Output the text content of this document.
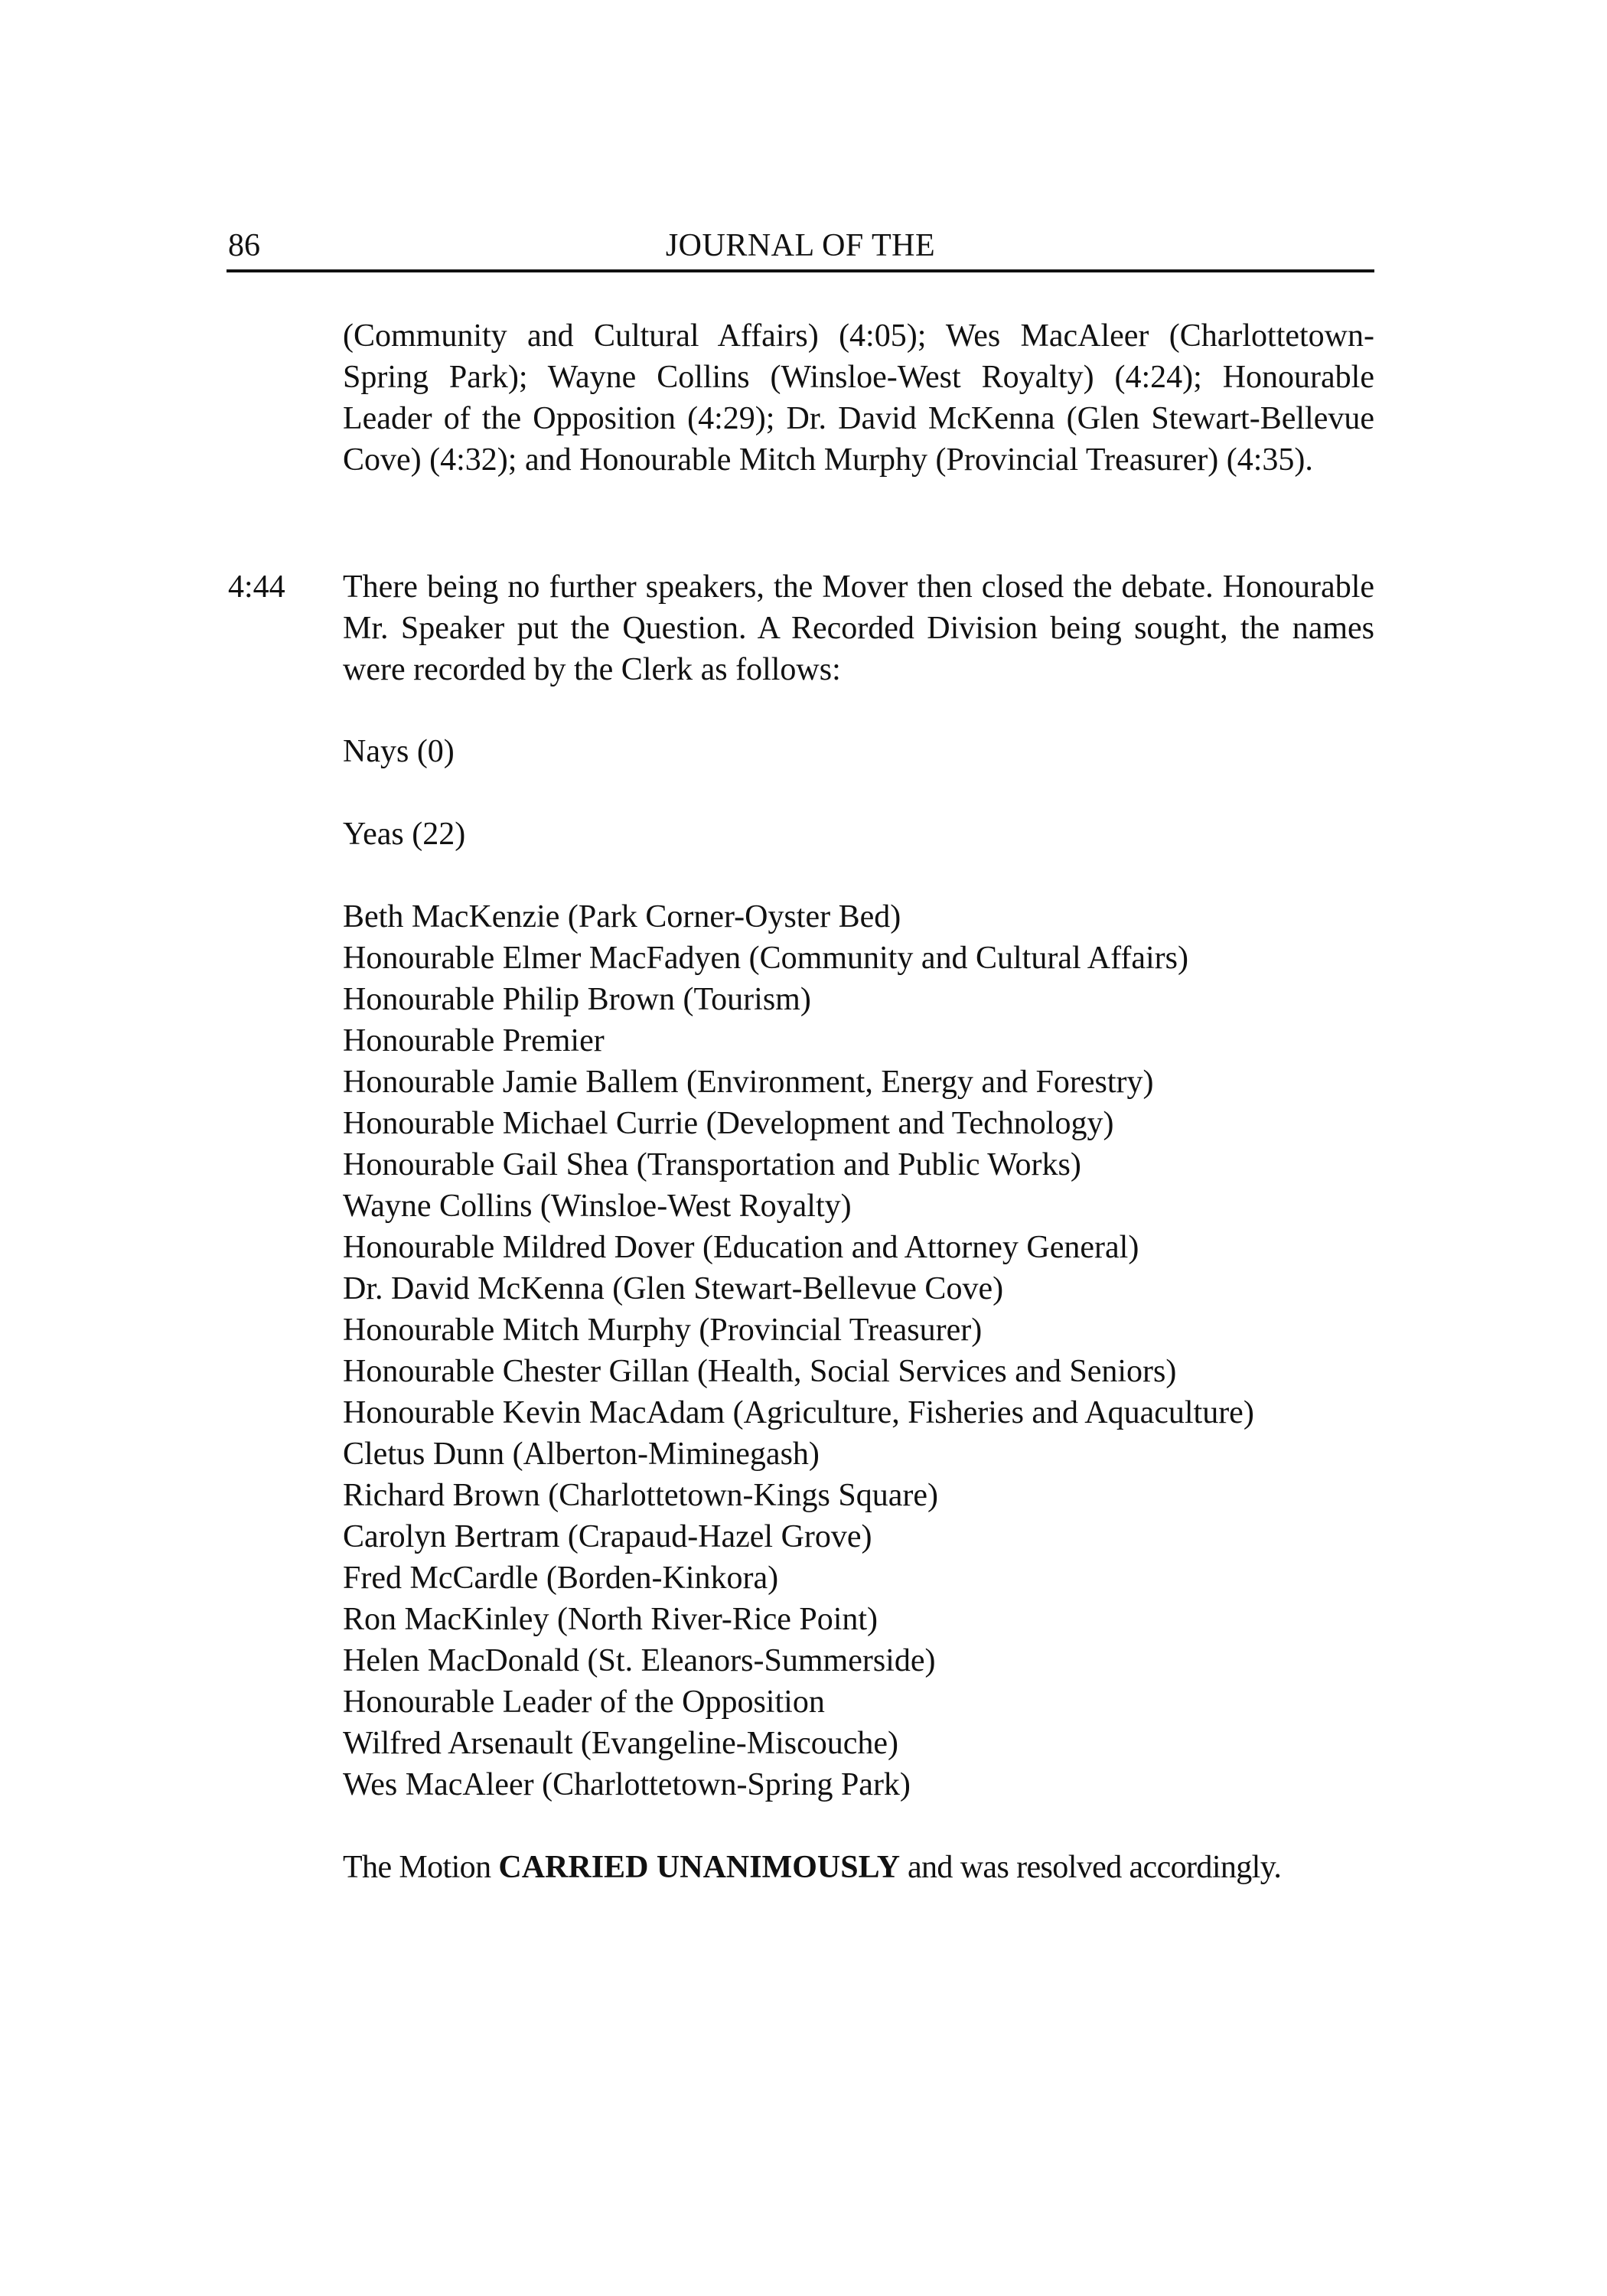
86	JOURNAL OF THE

(Community and Cultural Affairs) (4:05); Wes MacAleer (Charlottetown-Spring Park); Wayne Collins (Winsloe-West Royalty) (4:24); Honourable Leader of the Opposition (4:29); Dr. David McKenna (Glen Stewart-Bellevue Cove) (4:32); and Honourable Mitch Murphy (Provincial Treasurer) (4:35).

4:44 There being no further speakers, the Mover then closed the debate. Honourable Mr. Speaker put the Question. A Recorded Division being sought, the names were recorded by the Clerk as follows:

Nays (0)

Yeas (22)

Beth MacKenzie (Park Corner-Oyster Bed)
Honourable Elmer MacFadyen (Community and Cultural Affairs)
Honourable Philip Brown (Tourism)
Honourable Premier
Honourable Jamie Ballem (Environment, Energy and Forestry)
Honourable Michael Currie (Development and Technology)
Honourable Gail Shea (Transportation and Public Works)
Wayne Collins (Winsloe-West Royalty)
Honourable Mildred Dover (Education and Attorney General)
Dr. David McKenna (Glen Stewart-Bellevue Cove)
Honourable Mitch Murphy (Provincial Treasurer)
Honourable Chester Gillan (Health, Social Services and Seniors)
Honourable Kevin MacAdam (Agriculture, Fisheries and Aquaculture)
Cletus Dunn (Alberton-Miminegash)
Richard Brown (Charlottetown-Kings Square)
Carolyn Bertram (Crapaud-Hazel Grove)
Fred McCardle (Borden-Kinkora)
Ron MacKinley (North River-Rice Point)
Helen MacDonald (St. Eleanors-Summerside)
Honourable Leader of the Opposition
Wilfred Arsenault (Evangeline-Miscouche)
Wes MacAleer (Charlottetown-Spring Park)

The Motion CARRIED UNANIMOUSLY and was resolved accordingly.
